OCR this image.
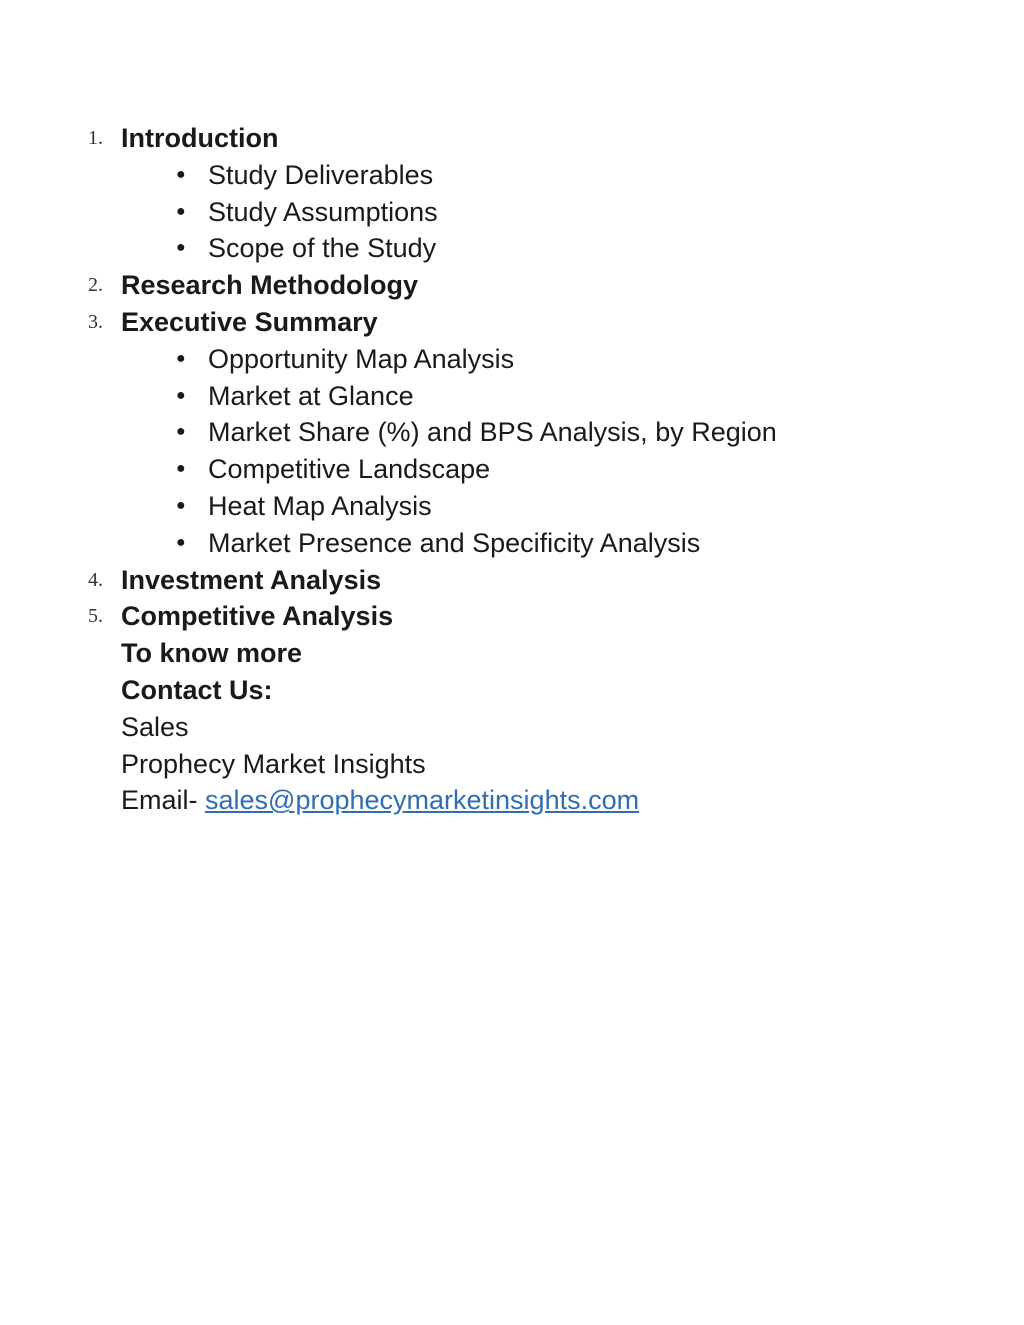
1. Introduction
● Study Deliverables
● Study Assumptions
● Scope of the Study
2. Research Methodology
3. Executive Summary
● Opportunity Map Analysis
● Market at Glance
● Market Share (%) and BPS Analysis, by Region
● Competitive Landscape
● Heat Map Analysis
● Market Presence and Specificity Analysis
4. Investment Analysis
5. Competitive Analysis
To know more
Contact Us:
Sales
Prophecy Market Insights
Email- sales@prophecymarketinsights.com
